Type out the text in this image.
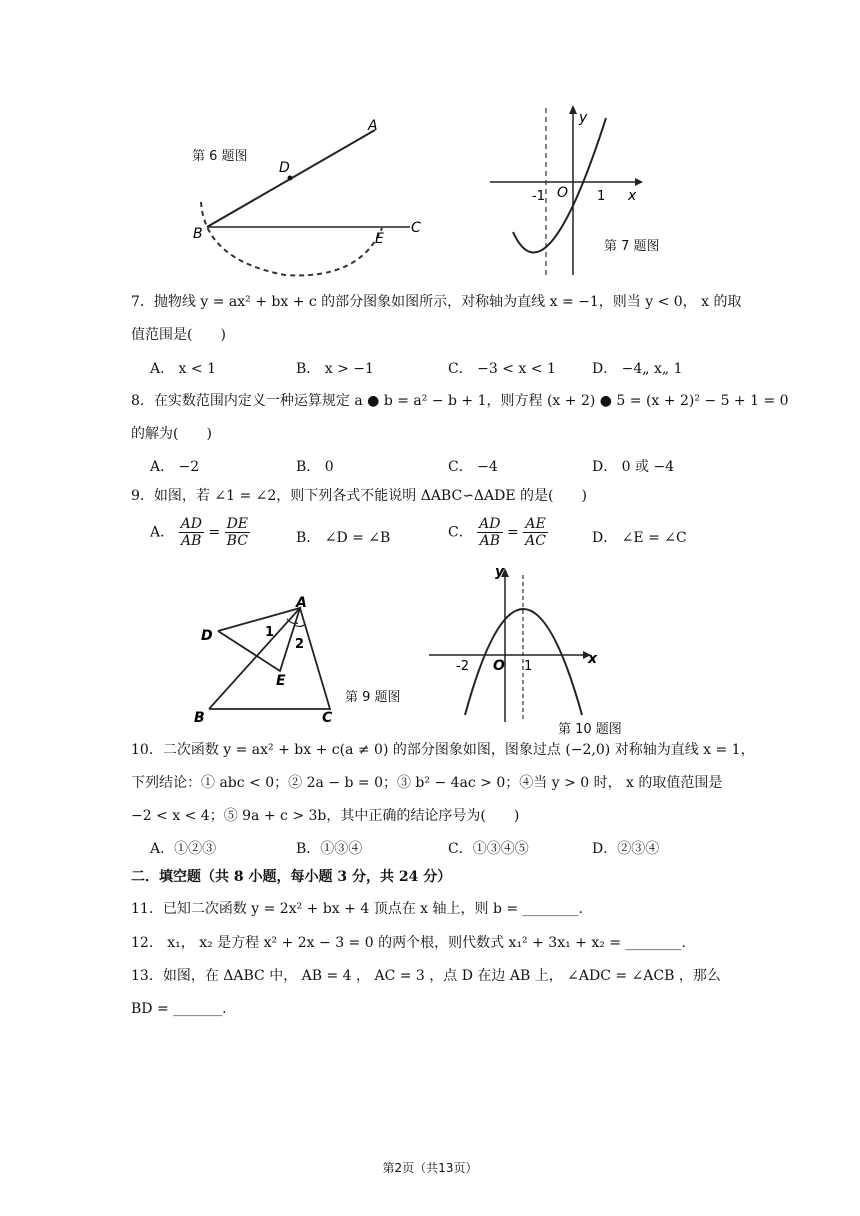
第 6 题图
A
D
B	E
C
y
x
O
-1	1
第 7 题图
7．抛物线 y = ax² + bx + c 的部分图象如图所示，对称轴为直线 x = −1，则当 y < 0， x 的取
值范围是(　　)
A． x < 1	B． x > −1	C． −3 < x < 1	D． −4„ x„ 1
8．在实数范围内定义一种运算规定 a ● b = a² − b + 1，则方程 (x + 2) ● 5 = (x + 2)² − 5 + 1 = 0
的解为(　　)
A． −2	B． 0	C． −4	D． 0 或 −4
9．如图，若 ∠1 = ∠2，则下列各式不能说明 ΔABC∽ΔADE 的是(　　)
A． $\frac{AD}{AB} = \frac{DE}{BC}$	B． ∠D = ∠B	C． $\frac{AD}{AB} = \frac{AE}{AC}$	D． ∠E = ∠C
A
D	1
2
E
B	C
第 9 题图
y
x
O
-2	1
第 10 题图
10．二次函数 y = ax² + bx + c(a ≠ 0) 的部分图象如图，图象过点 (−2,0) 对称轴为直线 x = 1，
下列结论：① abc < 0；② 2a − b = 0；③ b² − 4ac > 0；④当 y > 0 时， x 的取值范围是
−2 < x < 4；⑤ 9a + c > 3b，其中正确的结论序号为(　　)
A．①②③	B．①③④	C．①③④⑤	D．②③④
二．填空题（共 8 小题，每小题 3 分，共 24 分）
11．已知二次函数 y = 2x² + bx + 4 顶点在 x 轴上，则 b = ________.
12． x₁， x₂ 是方程 x² + 2x − 3 = 0 的两个根，则代数式 x₁² + 3x₁ + x₂ = ________.
13．如图，在 ΔABC 中， AB = 4 ， AC = 3 ，点 D 在边 AB 上， ∠ADC = ∠ACB ，那么
BD = _______.
第2页（共13页）
